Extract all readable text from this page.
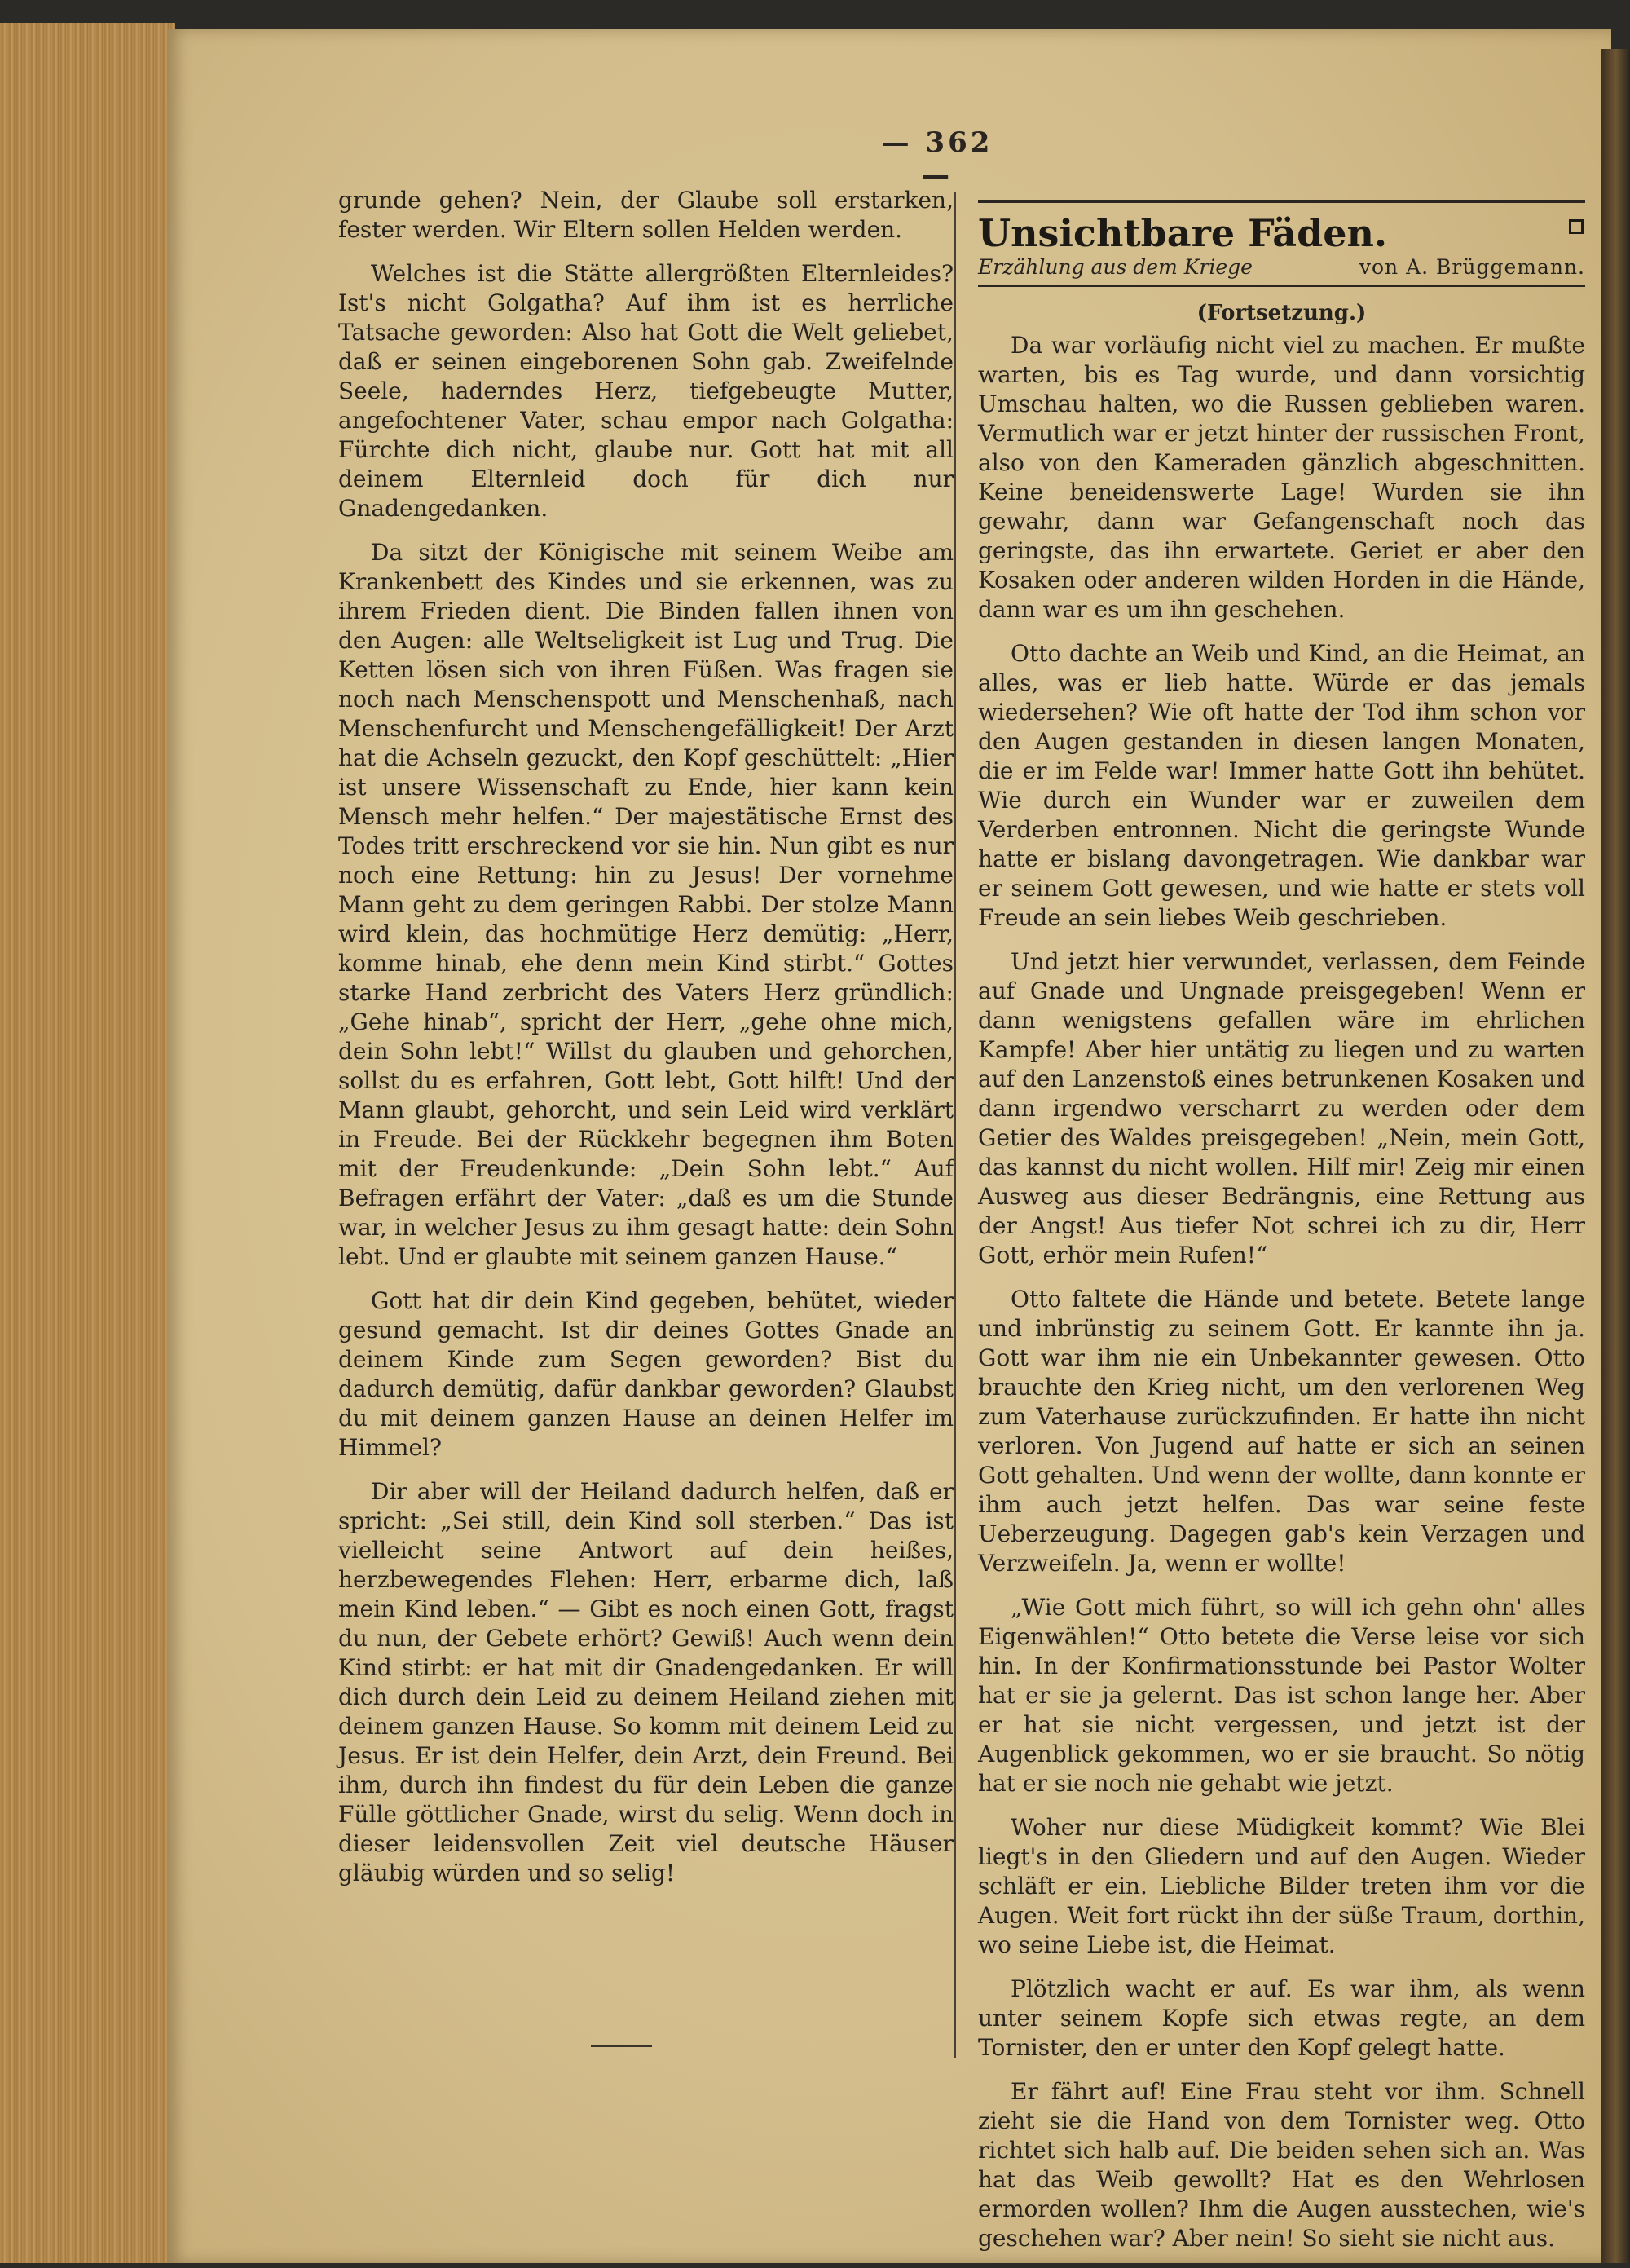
— 362 —

grunde gehen? Nein, der Glaube soll erstarken, fester werden. Wir Eltern sollen Helden werden.

Welches ist die Stätte allergrößten Elternleides? Ist's nicht Golgatha? Auf ihm ist es herrliche Tatsache geworden: Also hat Gott die Welt geliebet, daß er seinen eingeborenen Sohn gab. Zweifelnde Seele, haderndes Herz, tiefgebeugte Mutter, angefochtener Vater, schau empor nach Golgatha: Fürchte dich nicht, glaube nur. Gott hat mit all deinem Elternleid doch für dich nur Gnadengedanken.

Da sitzt der Königische mit seinem Weibe am Krankenbett des Kindes und sie erkennen, was zu ihrem Frieden dient. Die Binden fallen ihnen von den Augen: alle Weltseligkeit ist Lug und Trug. Die Ketten lösen sich von ihren Füßen. Was fragen sie noch nach Menschenspott und Menschenhaß, nach Menschenfurcht und Menschengefälligkeit! Der Arzt hat die Achseln gezuckt, den Kopf geschüttelt: „Hier ist unsere Wissenschaft zu Ende, hier kann kein Mensch mehr helfen.“ Der majestätische Ernst des Todes tritt erschreckend vor sie hin. Nun gibt es nur noch eine Rettung: hin zu Jesus! Der vornehme Mann geht zu dem geringen Rabbi. Der stolze Mann wird klein, das hochmütige Herz demütig: „Herr, komme hinab, ehe denn mein Kind stirbt.“ Gottes starke Hand zerbricht des Vaters Herz gründlich: „Gehe hinab“, spricht der Herr, „gehe ohne mich, dein Sohn lebt!“ Willst du glauben und gehorchen, sollst du es erfahren, Gott lebt, Gott hilft! Und der Mann glaubt, gehorcht, und sein Leid wird verklärt in Freude. Bei der Rückkehr begegnen ihm Boten mit der Freudenkunde: „Dein Sohn lebt.“ Auf Befragen erfährt der Vater: „daß es um die Stunde war, in welcher Jesus zu ihm gesagt hatte: dein Sohn lebt. Und er glaubte mit seinem ganzen Hause.“

Gott hat dir dein Kind gegeben, behütet, wieder gesund gemacht. Ist dir deines Gottes Gnade an deinem Kinde zum Segen geworden? Bist du dadurch demütig, dafür dankbar geworden? Glaubst du mit deinem ganzen Hause an deinen Helfer im Himmel?

Dir aber will der Heiland dadurch helfen, daß er spricht: „Sei still, dein Kind soll sterben.“ Das ist vielleicht seine Antwort auf dein heißes, herzbewegendes Flehen: Herr, erbarme dich, laß mein Kind leben.“ — Gibt es noch einen Gott, fragst du nun, der Gebete erhört? Gewiß! Auch wenn dein Kind stirbt: er hat mit dir Gnadengedanken. Er will dich durch dein Leid zu deinem Heiland ziehen mit deinem ganzen Hause. So komm mit deinem Leid zu Jesus. Er ist dein Helfer, dein Arzt, dein Freund. Bei ihm, durch ihn findest du für dein Leben die ganze Fülle göttlicher Gnade, wirst du selig. Wenn doch in dieser leidensvollen Zeit viel deutsche Häuser gläubig würden und so selig!

Unsichtbare Fäden.
Erzählung aus dem Kriege	von A. Brüggemann.
(Fortsetzung.)

Da war vorläufig nicht viel zu machen. Er mußte warten, bis es Tag wurde, und dann vorsichtig Umschau halten, wo die Russen geblieben waren. Vermutlich war er jetzt hinter der russischen Front, also von den Kameraden gänzlich abgeschnitten. Keine beneidenswerte Lage! Wurden sie ihn gewahr, dann war Gefangenschaft noch das geringste, das ihn erwartete. Geriet er aber den Kosaken oder anderen wilden Horden in die Hände, dann war es um ihn geschehen.

Otto dachte an Weib und Kind, an die Heimat, an alles, was er lieb hatte. Würde er das jemals wiedersehen? Wie oft hatte der Tod ihm schon vor den Augen gestanden in diesen langen Monaten, die er im Felde war! Immer hatte Gott ihn behütet. Wie durch ein Wunder war er zuweilen dem Verderben entronnen. Nicht die geringste Wunde hatte er bislang davongetragen. Wie dankbar war er seinem Gott gewesen, und wie hatte er stets voll Freude an sein liebes Weib geschrieben.

Und jetzt hier verwundet, verlassen, dem Feinde auf Gnade und Ungnade preisgegeben! Wenn er dann wenigstens gefallen wäre im ehrlichen Kampfe! Aber hier untätig zu liegen und zu warten auf den Lanzenstoß eines betrunkenen Kosaken und dann irgendwo verscharrt zu werden oder dem Getier des Waldes preisgegeben! „Nein, mein Gott, das kannst du nicht wollen. Hilf mir! Zeig mir einen Ausweg aus dieser Bedrängnis, eine Rettung aus der Angst! Aus tiefer Not schrei ich zu dir, Herr Gott, erhör mein Rufen!“

Otto faltete die Hände und betete. Betete lange und inbrünstig zu seinem Gott. Er kannte ihn ja. Gott war ihm nie ein Unbekannter gewesen. Otto brauchte den Krieg nicht, um den verlorenen Weg zum Vaterhause zurückzufinden. Er hatte ihn nicht verloren. Von Jugend auf hatte er sich an seinen Gott gehalten. Und wenn der wollte, dann konnte er ihm auch jetzt helfen. Das war seine feste Ueberzeugung. Dagegen gab's kein Verzagen und Verzweifeln. Ja, wenn er wollte!

„Wie Gott mich führt, so will ich gehn ohn' alles Eigenwählen!“ Otto betete die Verse leise vor sich hin. In der Konfirmationsstunde bei Pastor Wolter hat er sie ja gelernt. Das ist schon lange her. Aber er hat sie nicht vergessen, und jetzt ist der Augenblick gekommen, wo er sie braucht. So nötig hat er sie noch nie gehabt wie jetzt.

Woher nur diese Müdigkeit kommt? Wie Blei liegt's in den Gliedern und auf den Augen. Wieder schläft er ein. Liebliche Bilder treten ihm vor die Augen. Weit fort rückt ihn der süße Traum, dorthin, wo seine Liebe ist, die Heimat.

Plötzlich wacht er auf. Es war ihm, als wenn unter seinem Kopfe sich etwas regte, an dem Tornister, den er unter den Kopf gelegt hatte.

Er fährt auf! Eine Frau steht vor ihm. Schnell zieht sie die Hand von dem Tornister weg. Otto richtet sich halb auf. Die beiden sehen sich an. Was hat das Weib gewollt? Hat es den Wehrlosen ermorden wollen? Ihm die Augen ausstechen, wie's geschehen war? Aber nein! So sieht sie nicht aus.
